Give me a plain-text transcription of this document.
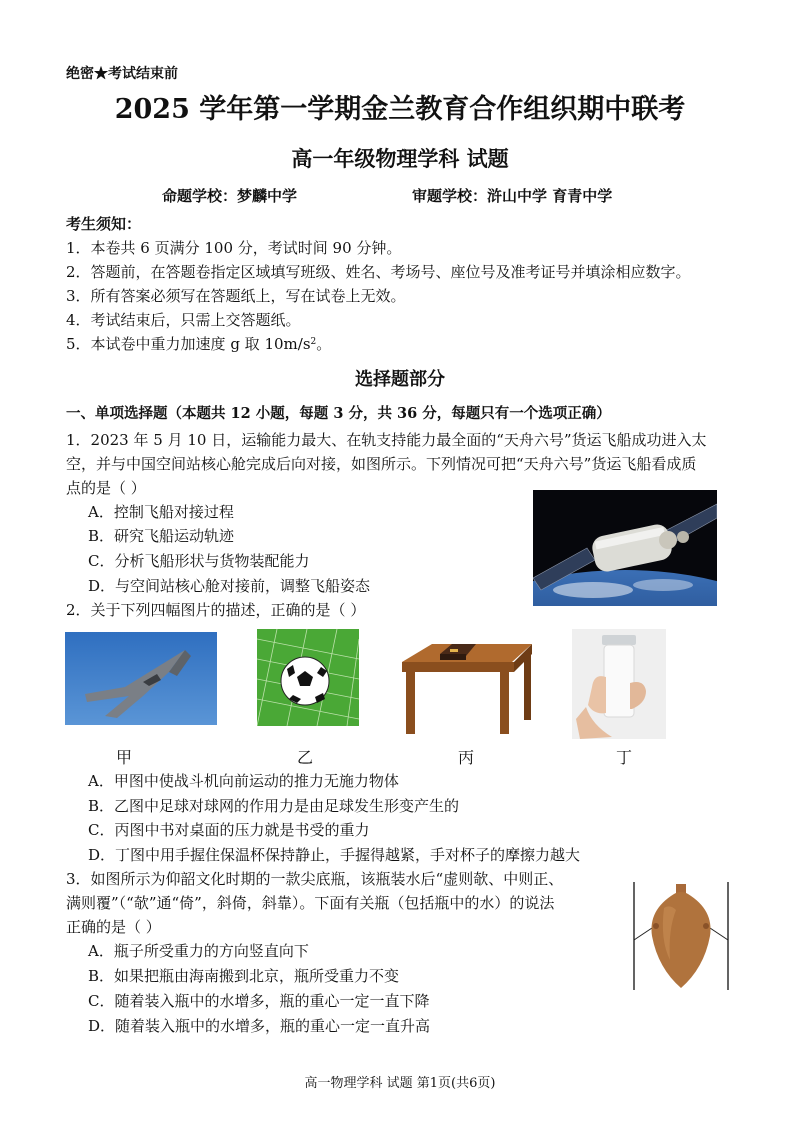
绝密★考试结束前
2025 学年第一学期金兰教育合作组织期中联考
高一年级物理学科 试题
命题学校：梦麟中学	审题学校：浒山中学 育青中学
考生须知：
1．本卷共 6 页满分 100 分，考试时间 90 分钟。
2．答题前，在答题卷指定区域填写班级、姓名、考场号、座位号及准考证号并填涂相应数字。
3．所有答案必须写在答题纸上，写在试卷上无效。
4．考试结束后，只需上交答题纸。
5．本试卷中重力加速度 g 取 $10m/s^2$。
选择题部分
一、单项选择题（本题共 12 小题，每题 3 分，共 36 分，每题只有一个选项正确）
1．2023 年 5 月 10 日，运输能力最大、在轨支持能力最全面的“天舟六号”货运飞船成功进入太
空，并与中国空间站核心舱完成后向对接，如图所示。下列情况可把“天舟六号”货运飞船看成质
点的是（ ）
A．控制飞船对接过程
B．研究飞船运动轨迹
C．分析飞船形状与货物装配能力
D．与空间站核心舱对接前，调整飞船姿态
2．关于下列四幅图片的描述，正确的是（ ）
甲	乙	丙	丁
A．甲图中使战斗机向前运动的推力无施力物体
B．乙图中足球对球网的作用力是由足球发生形变产生的
C．丙图中书对桌面的压力就是书受的重力
D．丁图中用手握住保温杯保持静止，手握得越紧，手对杯子的摩擦力越大
3．如图所示为仰韶文化时期的一款尖底瓶，该瓶装水后“虚则欹、中则正、
满则覆”（“欹”通“倚”，斜倚，斜靠）。下面有关瓶（包括瓶中的水）的说法
正确的是（ ）
A．瓶子所受重力的方向竖直向下
B．如果把瓶由海南搬到北京，瓶所受重力不变
C．随着装入瓶中的水增多，瓶的重心一定一直下降
D．随着装入瓶中的水增多，瓶的重心一定一直升高
高一物理学科 试题 第1页(共6页)
